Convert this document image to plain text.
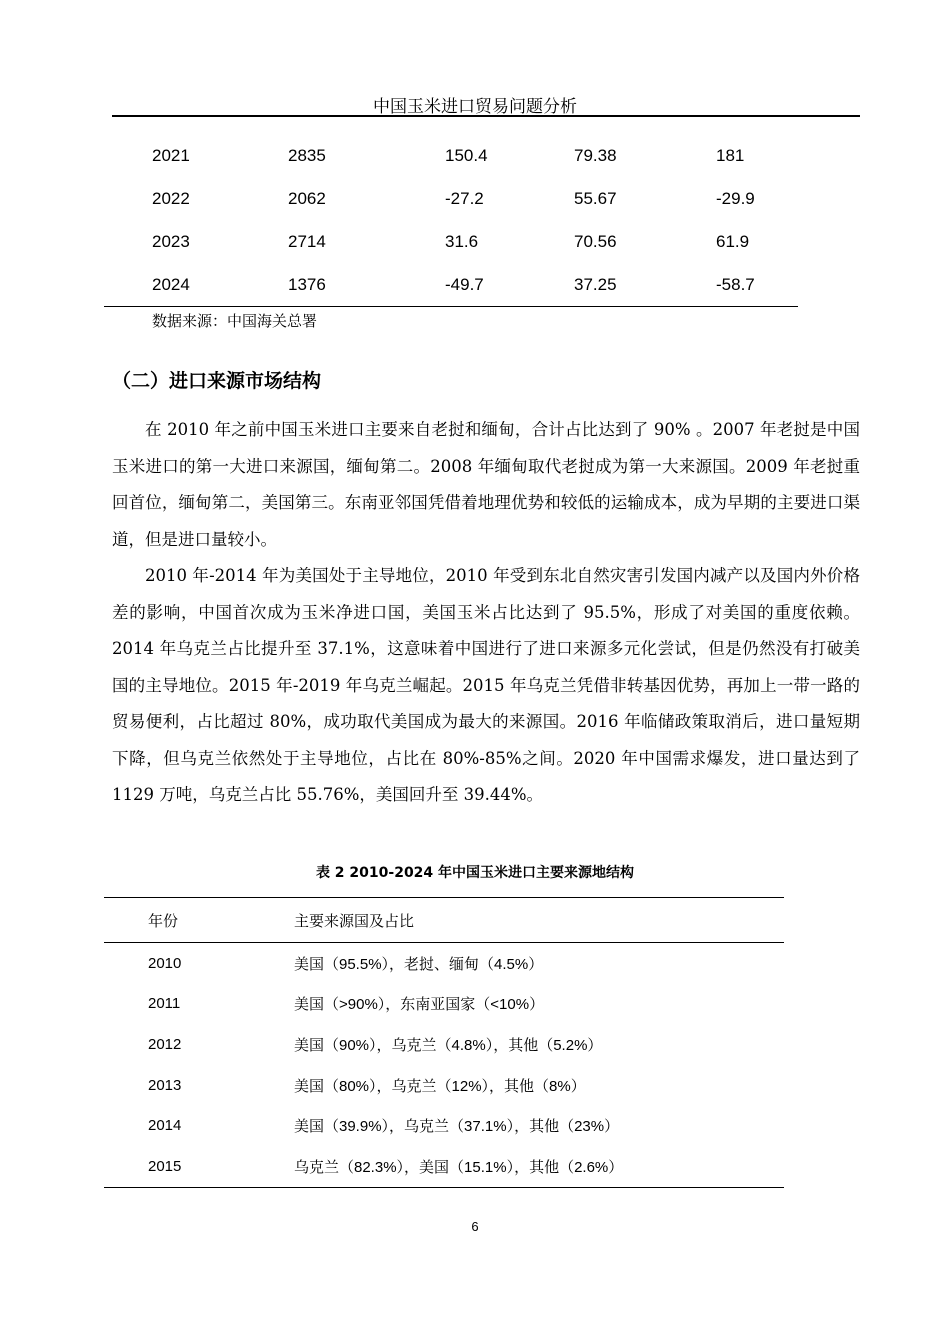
中国玉米进口贸易问题分析
2021	2835	150.4	79.38	181
2022	2062	-27.2	55.67	-29.9
2023	2714	31.6	70.56	61.9
2024	1376	-49.7	37.25	-58.7
数据来源：中国海关总署
（二）进口来源市场结构

在 2010 年之前中国玉米进口主要来自老挝和缅甸，合计占比达到了 90% 。2007 年老挝是中国玉米进口的第一大进口来源国，缅甸第二。2008 年缅甸取代老挝成为第一大来源国。2009 年老挝重回首位，缅甸第二，美国第三。东南亚邻国凭借着地理优势和较低的运输成本，成为早期的主要进口渠道，但是进口量较小。

2010 年-2014 年为美国处于主导地位，2010 年受到东北自然灾害引发国内减产以及国内外价格差的影响，中国首次成为玉米净进口国，美国玉米占比达到了 95.5%，形成了对美国的重度依赖。2014 年乌克兰占比提升至 37.1%，这意味着中国进行了进口来源多元化尝试，但是仍然没有打破美国的主导地位。2015 年-2019 年乌克兰崛起。2015 年乌克兰凭借非转基因优势，再加上一带一路的贸易便利，占比超过 80%，成功取代美国成为最大的来源国。2016 年临储政策取消后，进口量短期下降，但乌克兰依然处于主导地位，占比在 80%-85%之间。2020 年中国需求爆发，进口量达到了 1129 万吨，乌克兰占比 55.76%，美国回升至 39.44%。

表 2 2010-2024 年中国玉米进口主要来源地结构
年份	主要来源国及占比
2010	美国（95.5%），老挝、缅甸（4.5%）
2011	美国（>90%），东南亚国家（<10%）
2012	美国（90%），乌克兰（4.8%），其他（5.2%）
2013	美国（80%），乌克兰（12%），其他（8%）
2014	美国（39.9%），乌克兰（37.1%），其他（23%）
2015	乌克兰（82.3%），美国（15.1%），其他（2.6%）
6
